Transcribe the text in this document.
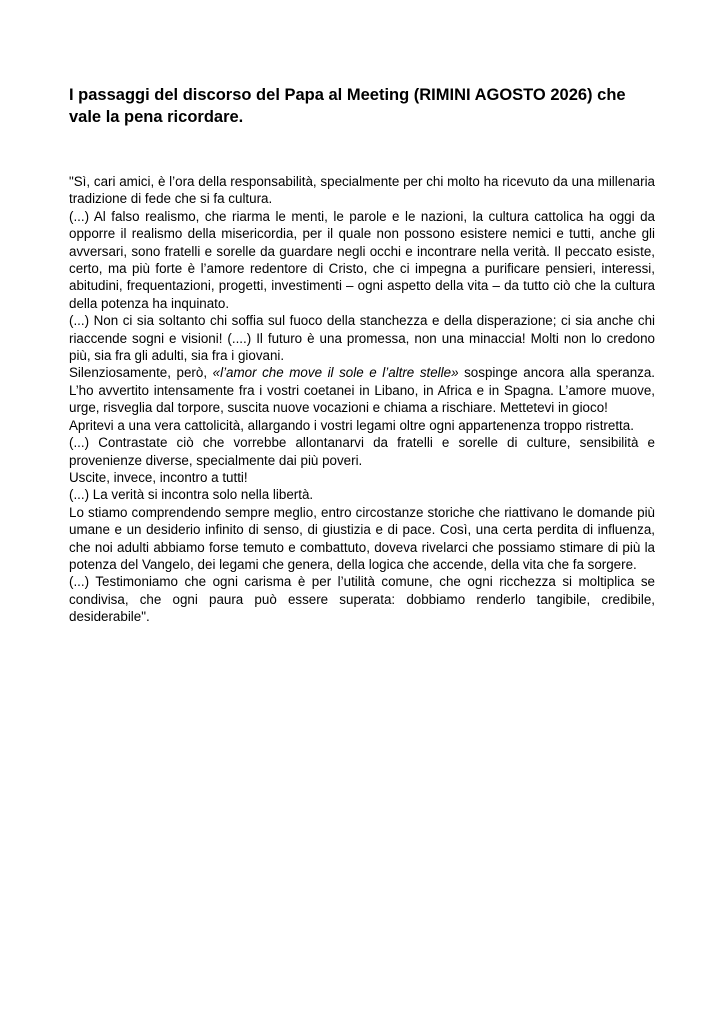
I passaggi del discorso del Papa al Meeting (RIMINI AGOSTO 2026) che vale la pena ricordare.

"Sì, cari amici, è l’ora della responsabilità, specialmente per chi molto ha ricevuto da una millenaria tradizione di fede che si fa cultura.

(...) Al falso realismo, che riarma le menti, le parole e le nazioni, la cultura cattolica ha oggi da opporre il realismo della misericordia, per il quale non possono esistere nemici e tutti, anche gli avversari, sono fratelli e sorelle da guardare negli occhi e incontrare nella verità. Il peccato esiste, certo, ma più forte è l’amore redentore di Cristo, che ci impegna a purificare pensieri, interessi, abitudini, frequentazioni, progetti, investimenti – ogni aspetto della vita – da tutto ciò che la cultura della potenza ha inquinato.

(...) Non ci sia soltanto chi soffia sul fuoco della stanchezza e della disperazione; ci sia anche chi riaccende sogni e visioni! (....) Il futuro è una promessa, non una minaccia! Molti non lo credono più, sia fra gli adulti, sia fra i giovani.

Silenziosamente, però, «l’amor che move il sole e l’altre stelle» sospinge ancora alla speranza. L’ho avvertito intensamente fra i vostri coetanei in Libano, in Africa e in Spagna. L’amore muove, urge, risveglia dal torpore, suscita nuove vocazioni e chiama a rischiare. Mettetevi in gioco!

Apritevi a una vera cattolicità, allargando i vostri legami oltre ogni appartenenza troppo ristretta.

(...) Contrastate ciò che vorrebbe allontanarvi da fratelli e sorelle di culture, sensibilità e provenienze diverse, specialmente dai più poveri.

Uscite, invece, incontro a tutti!

(...) La verità si incontra solo nella libertà.

Lo stiamo comprendendo sempre meglio, entro circostanze storiche che riattivano le domande più umane e un desiderio infinito di senso, di giustizia e di pace. Così, una certa perdita di influenza, che noi adulti abbiamo forse temuto e combattuto, doveva rivelarci che possiamo stimare di più la potenza del Vangelo, dei legami che genera, della logica che accende, della vita che fa sorgere.

(...) Testimoniamo che ogni carisma è per l’utilità comune, che ogni ricchezza si moltiplica se condivisa, che ogni paura può essere superata: dobbiamo renderlo tangibile, credibile, desiderabile".
